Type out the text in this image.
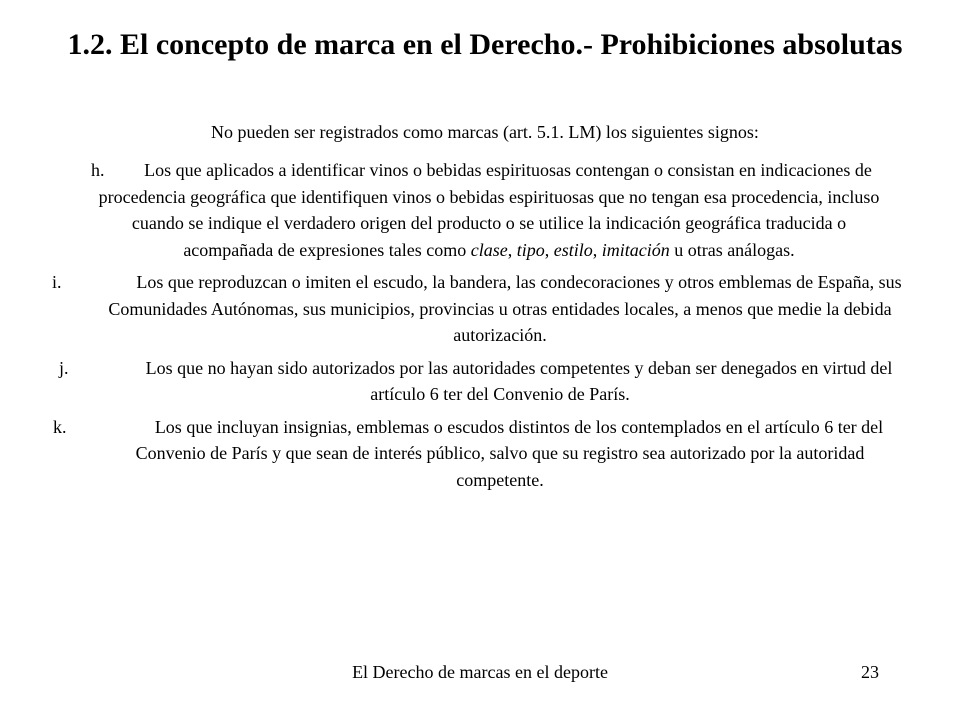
1.2. El concepto de marca en el Derecho.- Prohibiciones absolutas

No pueden ser registrados como marcas (art. 5.1. LM) los siguientes signos:

h. Los que aplicados a identificar vinos o bebidas espirituosas contengan o consistan en indicaciones de procedencia geográfica que identifiquen vinos o bebidas espirituosas que no tengan esa procedencia, incluso cuando se indique el verdadero origen del producto o se utilice la indicación geográfica traducida o acompañada de expresiones tales como clase, tipo, estilo, imitación u otras análogas.
i.	Los que reproduzcan o imiten el escudo, la bandera, las condecoraciones y otros emblemas de España, sus Comunidades Autónomas, sus municipios, provincias u otras entidades locales, a menos que medie la debida autorización.
j.	Los que no hayan sido autorizados por las autoridades competentes y deban ser denegados en virtud del artículo 6 ter del Convenio de París.
k.	Los que incluyan insignias, emblemas o escudos distintos de los contemplados en el artículo 6 ter del Convenio de París y que sean de interés público, salvo que su registro sea autorizado por la autoridad competente.
El Derecho de marcas en el deporte	23
